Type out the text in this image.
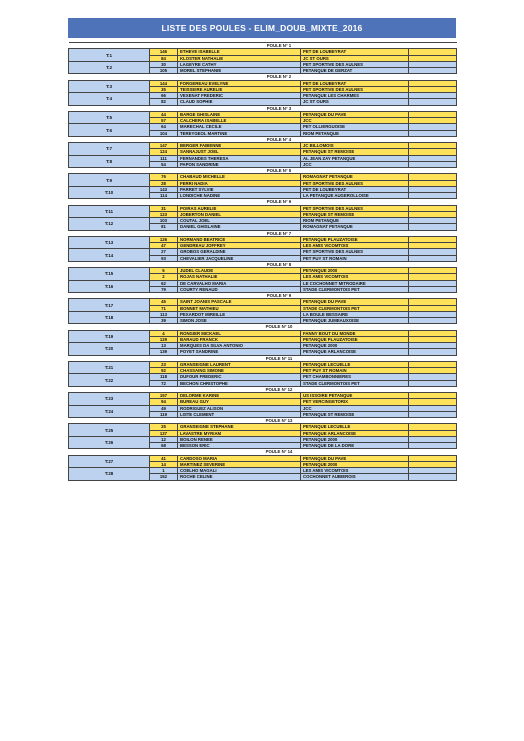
LISTE DES POULES - ELIM_DOUB_MIXTE_2016
	POULE N° 1			
T:1	146	ETHEVE ISABELLE	PET DE LOUBEYRAT	
	84	KLOSTER NATHALIE	JC ST OURS	
T:2	30	LAGEYRE CATHY	PET SPORTIVE DES AULNES	
	105	MOREL STEPHANIE	PETANQUE DE GERZAT	
	POULE N° 2			
T:3	144	FORGEREAU EVELYNE	PET DE LOUBEYRAT	
	35	TEISSEIRE AURELIE	PET SPORTIVE DES AULNES	
T:4	66	VEXENAT FREDERIC	PETANQUE LES CHARMES	
	82	CLAUD SOPHIE	JC ST OURS	
	POULE N° 3			
T:5	44	BARGE GHISLAINE	PETANQUE DU PAVE	
	57	CALCHERA ISABELLE	JCC	
T:6	64	MARECHAL CECILE	PET OLLIERGUOISE	
	104	TEREYGEOL MARTINE	RIOM PETANQUE	
	POULE N° 4			
T:7	147	BERGER FABIENNE	JC BILLOMOIS	
	124	SANNAJUST JOEL	PETANQUE ST REMOISE	
T:8	111	FERNANDES THERESA	AL JEAN ZAY PETANQUE	
	54	PAPON SANDRINE	JCC	
	POULE N° 5			
T:9	76	CHABAUD MICHELLE	ROMAGNAT PETANQUE	
	28	FERRI NADIA	PET SPORTIVE DES AULNES	
T:10	143	PARRET SYLVIE	PET DE LOUBEYRAT	
	114	LONDICHE NADINE	LA PETANQUE AUGEROLLOISE	
	POULE N° 6			
T:11	31	POIRAS AURELIE	PET SPORTIVE DES AULNES	
	123	JOBERTON DANIEL	PETANQUE ST REMOISE	
T:12	103	COUTAL JOEL	RIOM PETANQUE	
	81	DANIEL GHISLAINE	ROMAGNAT PETANQUE	
	POULE N° 7			
T:13	126	NORMAND BEATRICE	PETANQUE PLAUZATOISE	
	47	GENDREAU JOFFREY	LES AMIS VICOMTOIS	
T:14	27	GROBOS GERALDINE	PET SPORTIVE DES AULNES	
	93	CHEVALIER JACQUELINE	PET PUY ST ROMAIN	
	POULE N° 8			
T:15	5	JUDEL CLAUDE	PETANQUE 2000	
	2	ROJAS NATHALIE	LES AMIS VICOMTOIS	
T:16	62	DE CARVALHO MARIA	LE COCHONNET MITRODAIRE	
	79	COURTY RENAUD	STADE CLERMONTOIS PET	
	POULE N° 9			
T:17	45	SAINT JOANIS PASCALE	PETANQUE DU PAVE	
	71	BONNET MATHIEU	STADE CLERMONTOIS PET	
T:18	113	PEXARDOT MIREILLE	LA BOULE BESSAIRE	
	39	SIMON JOSE	PETANQUE JUMEAUXOISE	
	POULE N° 10			
T:19	4	RONGIER MICKAEL	FANNY BOUT DU MONDE	
	129	BARAUD FRANCK	PETANQUE PLAUZATOISE	
T:20	13	MARQUES DA SILVA ANTONIO	PETANQUE 2000	
	139	POYET SANDRINE	PETANQUE ARLANCOISE	
	POULE N° 11			
T:21	23	GRANSEIGNE LAURENT	PETANQUE LECUELLE	
	92	CHASSAING SIMONE	PET PUY ST ROMAIN	
T:22	118	DUFOUR FREDERIC	PET CHAMBONNIERES	
	72	BECHON CHRISTOPHE	STADE CLERMONTOIS PET	
	POULE N° 12			
T:23	157	DELORME KARINE	US ISSOIRE PETANQUE	
	94	BUREAU GUY	PET VERCINGETORIX	
T:24	49	RODRIGUEZ ALISON	JCC	
	119	LISTE CLEMENT	PETANQUE ST REMOISE	
	POULE N° 13			
T:25	25	GRANSEIGNE STEPHANE	PETANQUE LECUELLE	
	137	LAVASTRE MYRIAM	PETANQUE ARLANCOISE	
T:26	12	BOILON RENEE	PETANQUE 2000	
	68	BESSON ERIC	PETANQUE DE LA DORE	
	POULE N° 14			
T:27	41	CARDOSO MARIA	PETANQUE DU PAVE	
	14	MARTINEZ SEVERINE	PETANQUE 2000	
T:28	1	COELHO MAGALI	LES AMIS VICOMTOIS	
	152	ROCHE CELINE	COCHONNET AUBIEROIS	
